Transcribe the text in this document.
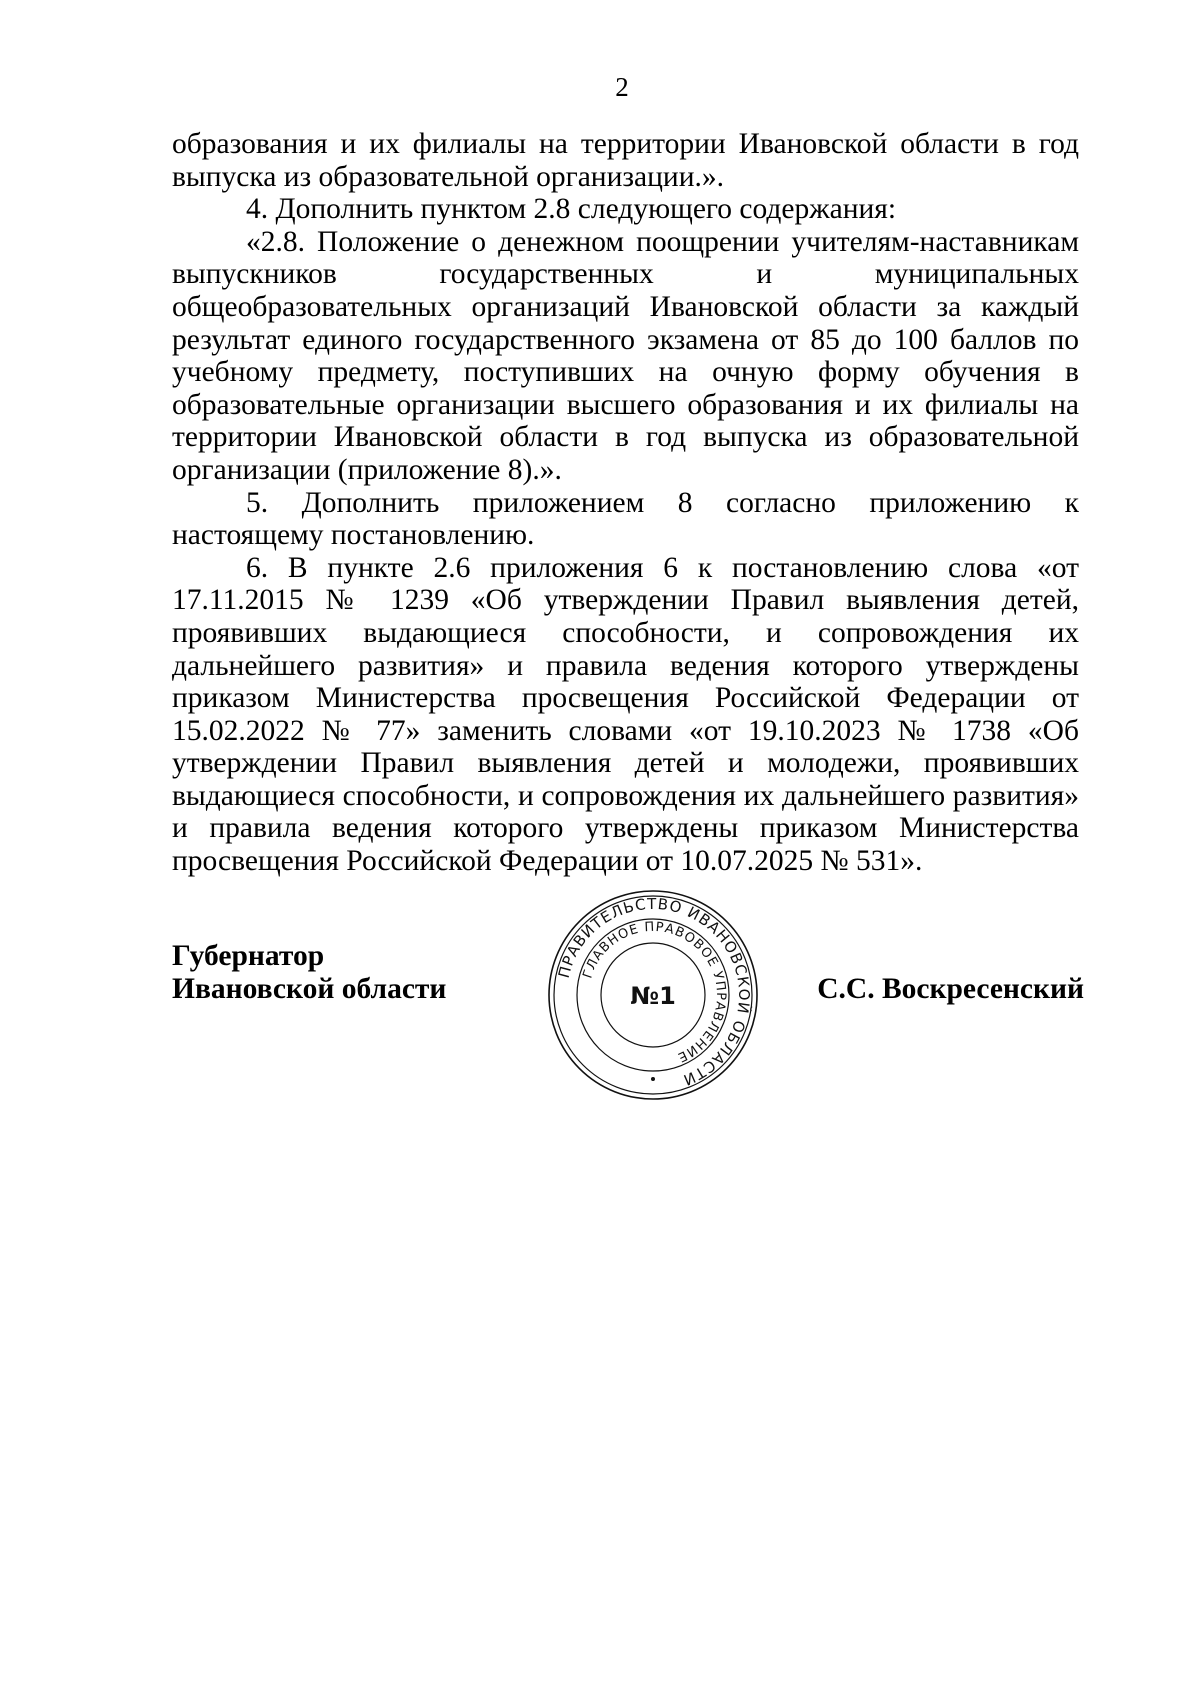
2

образования и их филиалы на территории Ивановской области в год выпуска из образовательной организации.».

4. Дополнить пунктом 2.8 следующего содержания:

«2.8. Положение о денежном поощрении учителям-наставникам выпускников государственных и муниципальных общеобразовательных организаций Ивановской области за каждый результат единого государственного экзамена от 85 до 100 баллов по учебному предмету, поступивших на очную форму обучения в образовательные организации высшего образования и их филиалы на территории Ивановской области в год выпуска из образовательной организации (приложение 8).».

5. Дополнить приложением 8 согласно приложению к настоящему постановлению.

6. В пункте 2.6 приложения 6 к постановлению слова «от 17.11.2015 № 1239 «Об утверждении Правил выявления детей, проявивших выдающиеся способности, и сопровождения их дальнейшего развития» и правила ведения которого утверждены приказом Министерства просвещения Российской Федерации от 15.02.2022 № 77» заменить словами «от 19.10.2023 № 1738 «Об утверждении Правил выявления детей и молодежи, проявивших выдающиеся способности, и сопровождения их дальнейшего развития» и правила ведения которого утверждены приказом Министерства просвещения Российской Федерации от 10.07.2025 № 531».

Губернатор
Ивановской области
ПРАВИТЕЛЬСТВО ИВАНОВСКОЙ ОБЛАСТИ
ГЛАВНОЕ ПРАВОВОЕ УПРАВЛЕНИЕ
№1	С.С. Воскресенский
